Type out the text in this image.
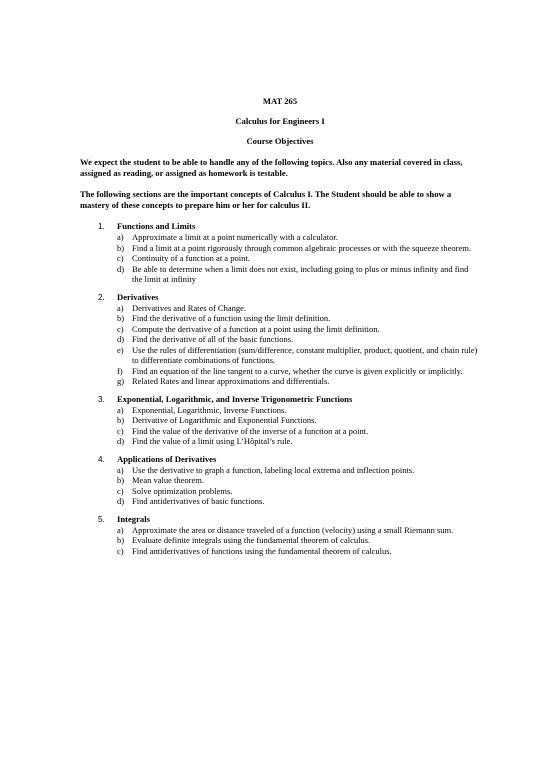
MAT 265
Calculus for Engineers I
Course Objectives

We expect the student to be able to handle any of the following topics. Also any material covered in class, assigned as reading, or assigned as homework is testable.

The following sections are the important concepts of Calculus I. The Student should be able to show a mastery of these concepts to prepare him or her for calculus II.

1. Functions and Limits
a) Approximate a limit at a point numerically with a calculator.
b) Find a limit at a point rigorously through common algebraic processes or with the squeeze theorem.
c) Continuity of a function at a point.
d) Be able to determine when a limit does not exist, including going to plus or minus infinity and find the limit at infinity
2. Derivatives
a) Derivatives and Rates of Change.
b) Find the derivative of a function using the limit definition.
c) Compute the derivative of a function at a point using the limit definition.
d) Find the derivative of all of the basic functions.
e) Use the rules of differentiation (sum/difference, constant multiplier, product, quotient, and chain rule) to differentiate combinations of functions.
f) Find an equation of the line tangent to a curve, whether the curve is given explicitly or implicitly.
g) Related Rates and linear approximations and differentials.
3. Exponential, Logarithmic, and Inverse Trigonometric Functions
a) Exponential, Logarithmic, Inverse Functions.
b) Derivative of Logarithmic and Exponential Functions.
c) Find the value of the derivative of the inverse of a function at a point.
d) Find the value of a limit using L’Hôpital’s rule.
4. Applications of Derivatives
a) Use the derivative to graph a function, labeling local extrema and inflection points.
b) Mean value theorem.
c) Solve optimization problems.
d) Find antiderivatives of basic functions.
5. Integrals
a) Approximate the area or distance traveled of a function (velocity) using a small Riemann sum.
b) Evaluate definite integrals using the fundamental theorem of calculus.
c) Find antiderivatives of functions using the fundamental theorem of calculus.
